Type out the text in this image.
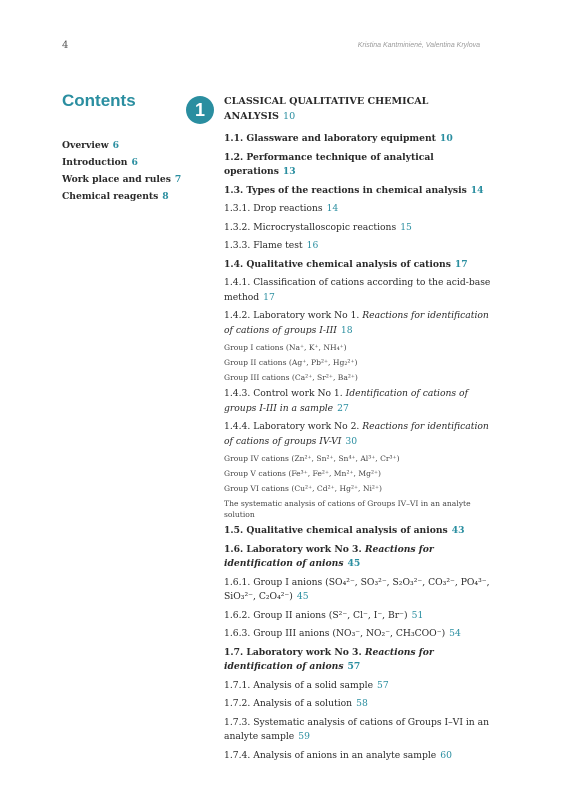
4	Kristina Kantminienė, Valentina Krylova
Contents
Overview 6
Introduction 6
Work place and rules 7
Chemical reagents 8
1	CLASSICAL QUALITATIVE CHEMICAL ANALYSIS 10
1.1. Glassware and laboratory equipment 10
1.2. Performance technique of analytical operations 13
1.3. Types of the reactions in chemical analysis 14
1.3.1. Drop reactions 14
1.3.2. Microcrystalloscopic reactions 15
1.3.3. Flame test 16
1.4. Qualitative chemical analysis of cations 17
1.4.1. Classification of cations according to the acid-base method 17
1.4.2. Laboratory work No 1. Reactions for identification of cations of groups I-III 18
Group I cations (Na⁺, K⁺, NH₄⁺)
Group II cations (Ag⁺, Pb²⁺, Hg₂²⁺)
Group III cations (Ca²⁺, Sr²⁺, Ba²⁺)
1.4.3. Control work No 1. Identification of cations of groups I-III in a sample 27
1.4.4. Laboratory work No 2. Reactions for identification of cations of groups IV-VI 30
Group IV cations (Zn²⁺, Sn²⁺, Sn⁴⁺, Al³⁺, Cr³⁺)
Group V cations (Fe³⁺, Fe²⁺, Mn²⁺, Mg²⁺)
Group VI cations (Cu²⁺, Cd²⁺, Hg²⁺, Ni²⁺)
The systematic analysis of cations of Groups IV–VI in an analyte solution
1.5. Qualitative chemical analysis of anions 43
1.6. Laboratory work No 3. Reactions for identification of anions 45
1.6.1. Group I anions (SO₄²⁻, SO₃²⁻, S₂O₃²⁻, CO₃²⁻, PO₄³⁻, SiO₃²⁻, C₂O₄²⁻) 45
1.6.2. Group II anions (S²⁻, Cl⁻, I⁻, Br⁻) 51
1.6.3. Group III anions (NO₃⁻, NO₂⁻, CH₃COO⁻) 54
1.7. Laboratory work No 3. Reactions for identification of anions 57
1.7.1. Analysis of a solid sample 57
1.7.2. Analysis of a solution 58
1.7.3. Systematic analysis of cations of Groups I–VI in an analyte sample 59
1.7.4. Analysis of anions in an analyte sample 60
